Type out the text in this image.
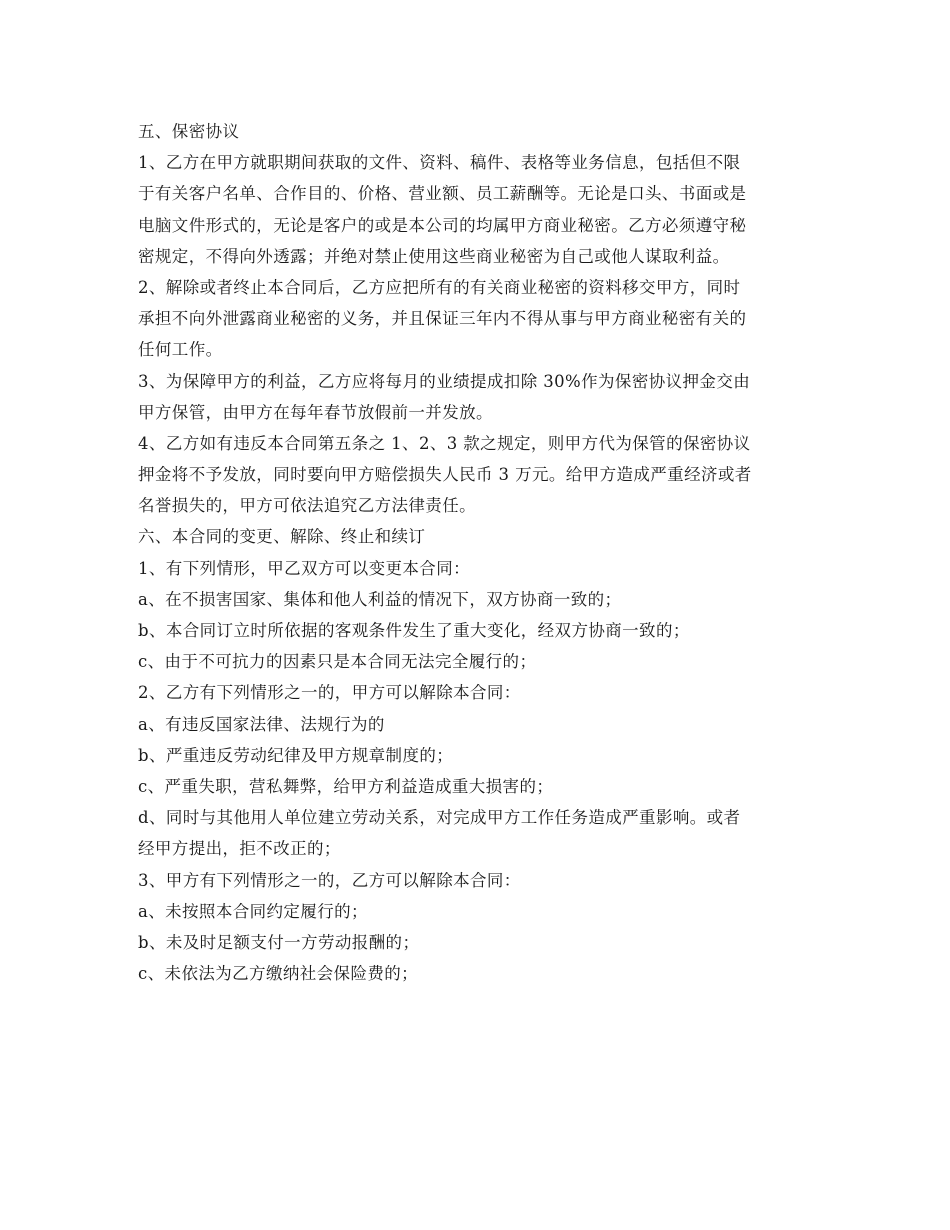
五、保密协议
1、乙方在甲方就职期间获取的文件、资料、稿件、表格等业务信息，包括但不限
于有关客户名单、合作目的、价格、营业额、员工薪酬等。无论是口头、书面或是
电脑文件形式的，无论是客户的或是本公司的均属甲方商业秘密。乙方必须遵守秘
密规定，不得向外透露；并绝对禁止使用这些商业秘密为自己或他人谋取利益。
2、解除或者终止本合同后，乙方应把所有的有关商业秘密的资料移交甲方，同时
承担不向外泄露商业秘密的义务，并且保证三年内不得从事与甲方商业秘密有关的
任何工作。
3、为保障甲方的利益，乙方应将每月的业绩提成扣除 30%作为保密协议押金交由
甲方保管，由甲方在每年春节放假前一并发放。
4、乙方如有违反本合同第五条之 1、2、3 款之规定，则甲方代为保管的保密协议
押金将不予发放，同时要向甲方赔偿损失人民币 3 万元。给甲方造成严重经济或者
名誉损失的，甲方可依法追究乙方法律责任。
六、本合同的变更、解除、终止和续订
1、有下列情形，甲乙双方可以变更本合同：
a、在不损害国家、集体和他人利益的情况下，双方协商一致的；
b、本合同订立时所依据的客观条件发生了重大变化，经双方协商一致的；
c、由于不可抗力的因素只是本合同无法完全履行的；
2、乙方有下列情形之一的，甲方可以解除本合同：
a、有违反国家法律、法规行为的
b、严重违反劳动纪律及甲方规章制度的；
c、严重失职，营私舞弊，给甲方利益造成重大损害的；
d、同时与其他用人单位建立劳动关系，对完成甲方工作任务造成严重影响。或者
经甲方提出，拒不改正的；
3、甲方有下列情形之一的，乙方可以解除本合同：
a、未按照本合同约定履行的；
b、未及时足额支付一方劳动报酬的；
c、未依法为乙方缴纳社会保险费的；
